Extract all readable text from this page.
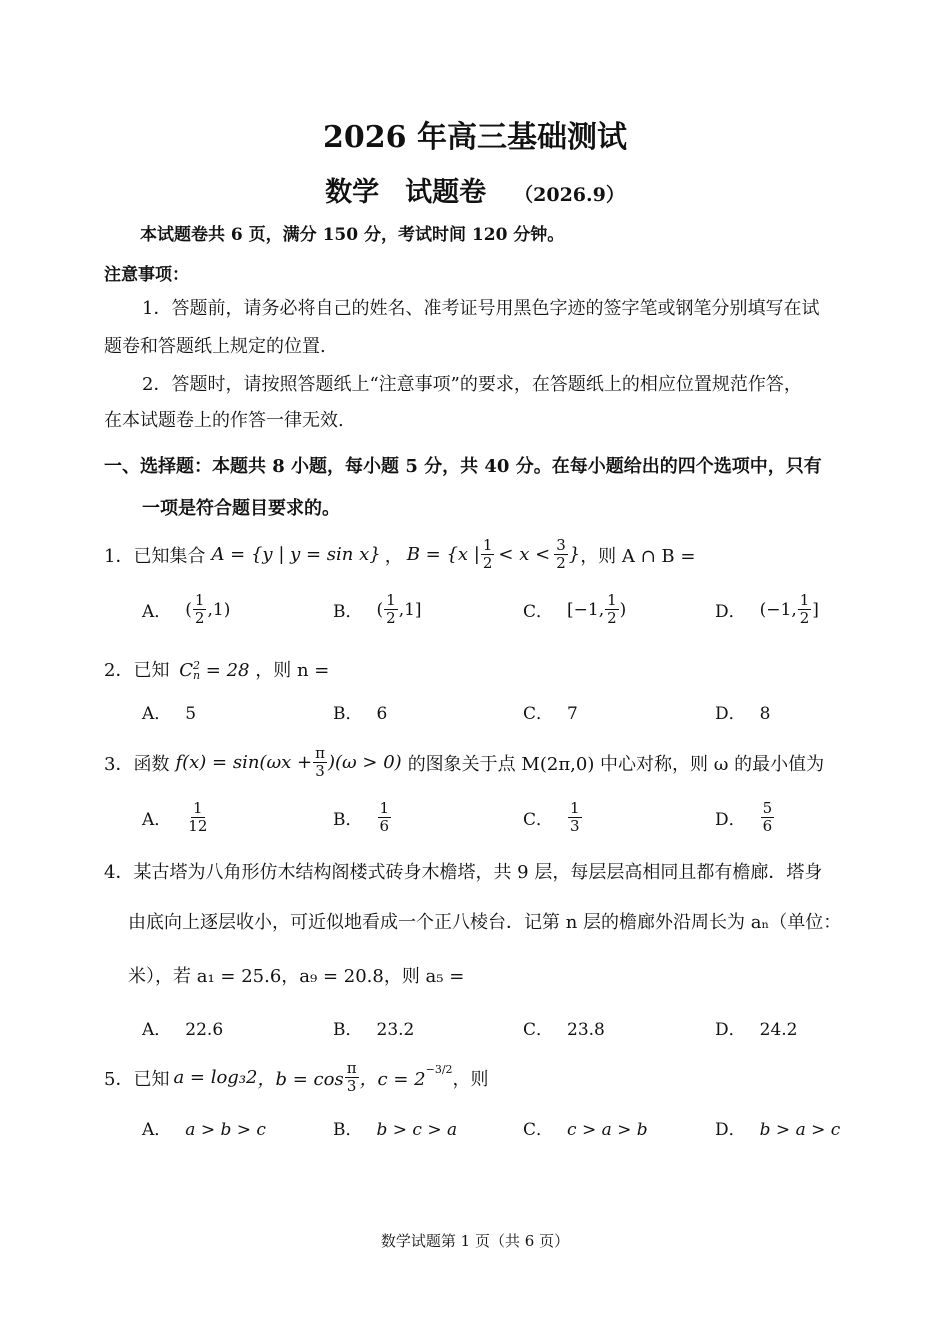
2026 年高三基础测试
数学 试题卷 （2026.9）
本试题卷共 6 页，满分 150 分，考试时间 120 分钟。
注意事项：
1．答题前，请务必将自己的姓名、准考证号用黑色字迹的签字笔或钢笔分别填写在试
题卷和答题纸上规定的位置.
2．答题时，请按照答题纸上“注意事项”的要求，在答题纸上的相应位置规范作答，
在本试题卷上的作答一律无效.
一、选择题：本题共 8 小题，每小题 5 分，共 40 分。在每小题给出的四个选项中，只有
一项是符合题目要求的。
1．已知集合 A = {y | y = sin x} ， B = {x | $\frac{1}{2} < x < \frac{3}{2}$ } ，则 A ∩ B =
A． ( $\frac{1}{2} ,1$)	B． ( $\frac{1}{2} ,1$]	C． [−1, $\frac{1}{2}$ )	D． (−1, $\frac{1}{2}$ ]
2．已知 C 2
n = 28 ，则 n =
A． 5	B． 6	C． 7	D． 8
3．函数 $f(x) = \sin(\omega x + \frac{\pi}{3} )(\omega > 0)$ 的图象关于点 M(2π,0) 中心对称，则 ω 的最小值为
A． $\frac{1}{12}$	B． $\frac{1}{6}$	C． $\frac{1}{3}$	D． $\frac{5}{6}$
4．某古塔为八角形仿木结构阁楼式砖身木檐塔，共 9 层，每层层高相同且都有檐廊．塔身
由底向上逐层收小，可近似地看成一个正八棱台．记第 n 层的檐廊外沿周长为 aₙ（单位：
米），若 a₁ = 25.6，a₉ = 20.8，则 a₅ =
A． 22.6	B． 23.2	C． 23.8	D． 24.2
5．已知 a = log₃2 ，$b = \cos \frac{\pi}{3}$ ，$c = 2^{-3/2}$ ，则
A． a > b > c	B． b > c > a	C． c > a > b	D． b > a > c
数学试题第 1 页（共 6 页）
